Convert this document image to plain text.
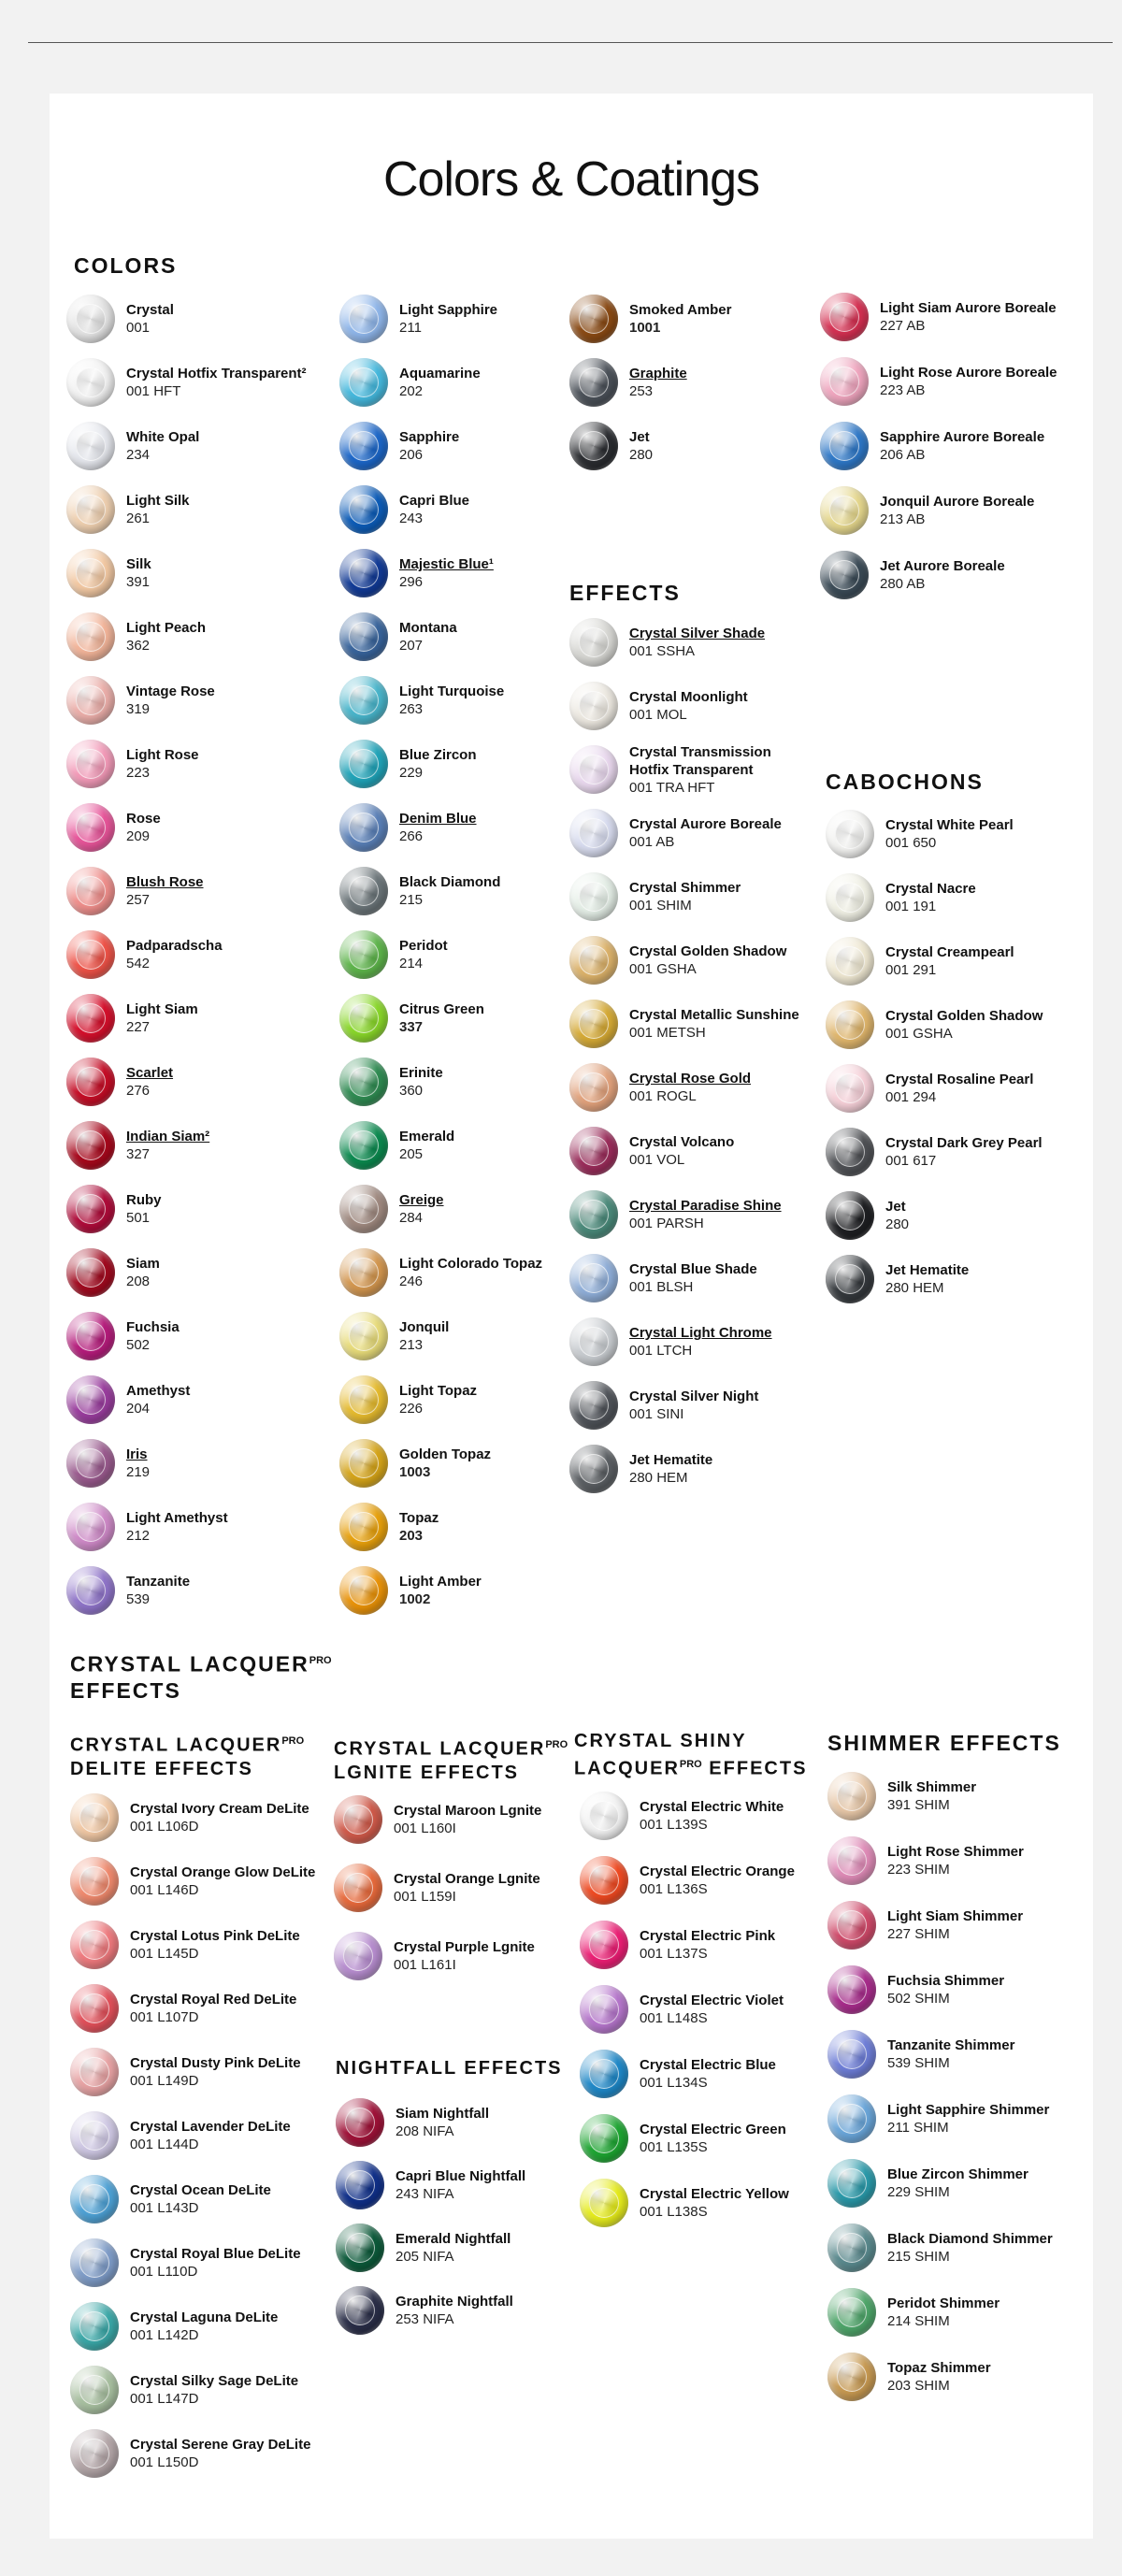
Colors & Coatings
COLORS
EFFECTS
CABOCHONS
CRYSTAL $LACQUER^{PRO}$
EFFECTS
CRYSTAL $LACQUER^{PRO}$
DELITE EFFECTS
CRYSTAL $LACQUER^{PRO}$
LGNITE EFFECTS
CRYSTAL SHINY
$LACQUER^{PRO}$ EFFECTS
SHIMMER EFFECTS
NIGHTFALL EFFECTS
Crystal
001
Crystal Hotfix Transparent²
001 HFT
White Opal
234
Light Silk
261
Silk
391
Light Peach
362
Vintage Rose
319
Light Rose
223
Rose
209
Blush Rose
257
Padparadscha
542
Light Siam
227
Scarlet
276
Indian Siam²
327
Ruby
501
Siam
208
Fuchsia
502
Amethyst
204
Iris
219
Light Amethyst
212
Tanzanite
539
Light Sapphire
211
Aquamarine
202
Sapphire
206
Capri Blue
243
Majestic Blue¹
296
Montana
207
Light Turquoise
263
Blue Zircon
229
Denim Blue
266
Black Diamond
215
Peridot
214
Citrus Green
337
Erinite
360
Emerald
205
Greige
284
Light Colorado Topaz
246
Jonquil
213
Light Topaz
226
Golden Topaz
1003
Topaz
203
Light Amber
1002
Smoked Amber
1001
Graphite
253
Jet
280
Light Siam Aurore Boreale
227 AB
Light Rose Aurore Boreale
223 AB
Sapphire Aurore Boreale
206 AB
Jonquil Aurore Boreale
213 AB
Jet Aurore Boreale
280 AB
Crystal Silver Shade
001 SSHA
Crystal Moonlight
001 MOL
Crystal Transmission
Hotfix Transparent
001 TRA HFT
Crystal Aurore Boreale
001 AB
Crystal Shimmer
001 SHIM
Crystal Golden Shadow
001 GSHA
Crystal Metallic Sunshine
001 METSH
Crystal Rose Gold
001 ROGL
Crystal Volcano
001 VOL
Crystal Paradise Shine
001 PARSH
Crystal Blue Shade
001 BLSH
Crystal Light Chrome
001 LTCH
Crystal Silver Night
001 SINI
Jet Hematite
280 HEM
Crystal White Pearl
001 650
Crystal Nacre
001 191
Crystal Creampearl
001 291
Crystal Golden Shadow
001 GSHA
Crystal Rosaline Pearl
001 294
Crystal Dark Grey Pearl
001 617
Jet
280
Jet Hematite
280 HEM
Crystal Ivory Cream DeLite
001 L106D
Crystal Orange Glow DeLite
001 L146D
Crystal Lotus Pink DeLite
001 L145D
Crystal Royal Red DeLite
001 L107D
Crystal Dusty Pink DeLite
001 L149D
Crystal Lavender DeLite
001 L144D
Crystal Ocean DeLite
001 L143D
Crystal Royal Blue DeLite
001 L110D
Crystal Laguna DeLite
001 L142D
Crystal Silky Sage DeLite
001 L147D
Crystal Serene Gray DeLite
001 L150D
Crystal Maroon Lgnite
001 L160I
Crystal Orange Lgnite
001 L159I
Crystal Purple Lgnite
001 L161I
Siam Nightfall
208 NIFA
Capri Blue Nightfall
243 NIFA
Emerald Nightfall
205 NIFA
Graphite Nightfall
253 NIFA
Crystal Electric White
001 L139S
Crystal Electric Orange
001 L136S
Crystal Electric Pink
001 L137S
Crystal Electric Violet
001 L148S
Crystal Electric Blue
001 L134S
Crystal Electric Green
001 L135S
Crystal Electric Yellow
001 L138S
Silk Shimmer
391 SHIM
Light Rose Shimmer
223 SHIM
Light Siam Shimmer
227 SHIM
Fuchsia Shimmer
502 SHIM
Tanzanite Shimmer
539 SHIM
Light Sapphire Shimmer
211 SHIM
Blue Zircon Shimmer
229 SHIM
Black Diamond Shimmer
215 SHIM
Peridot Shimmer
214 SHIM
Topaz Shimmer
203 SHIM
